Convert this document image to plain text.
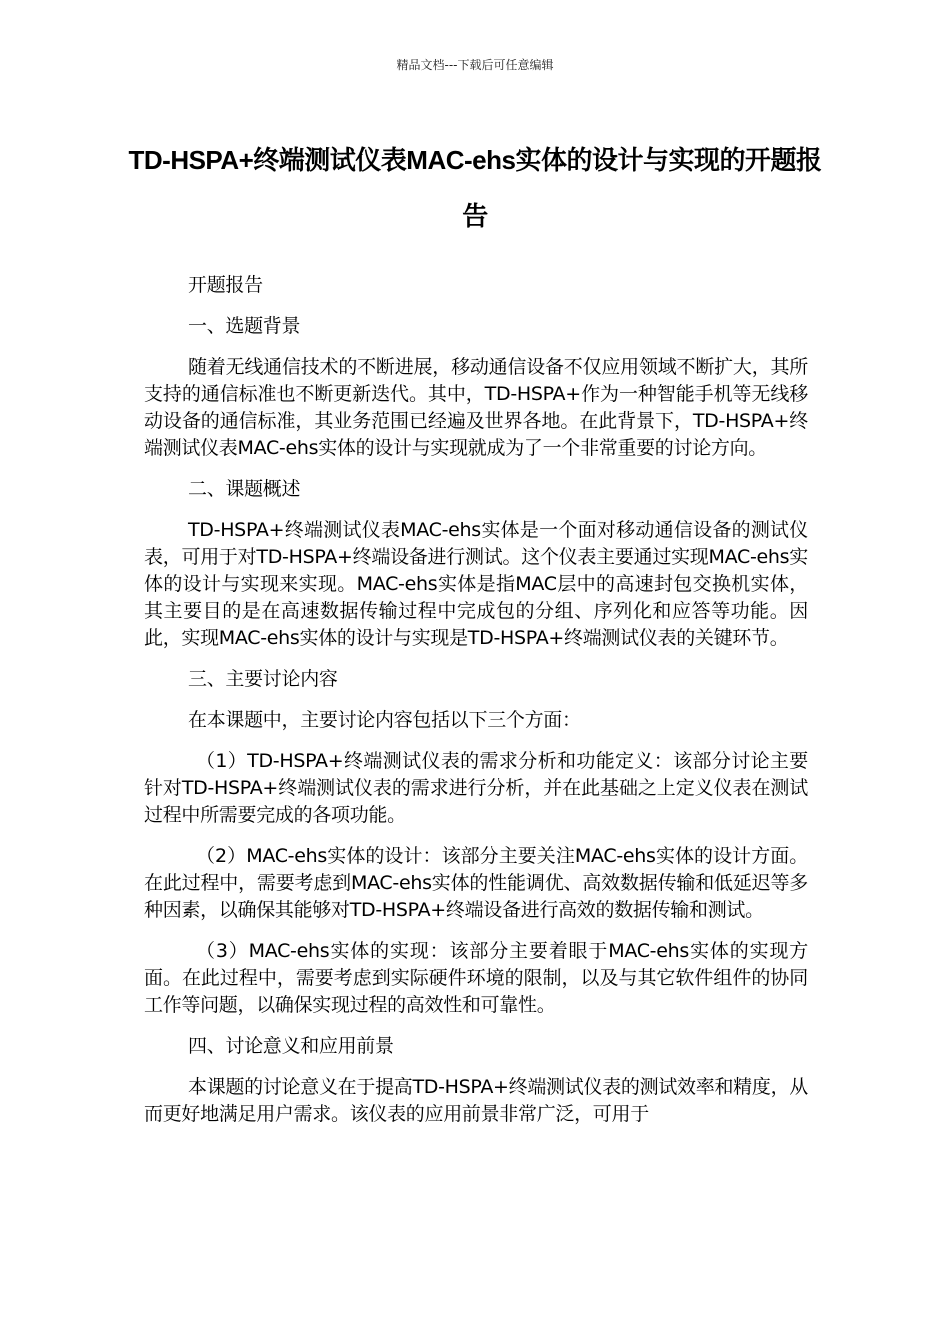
精品文档---下载后可任意编辑
TD-HSPA+终端测试仪表MAC-ehs实体的设计与实现的开题报告

开题报告

一、选题背景

随着无线通信技术的不断进展，移动通信设备不仅应用领域不断扩大，其所支持的通信标准也不断更新迭代。其中，TD-HSPA+作为一种智能手机等无线移动设备的通信标准，其业务范围已经遍及世界各地。在此背景下，TD-HSPA+终端测试仪表MAC-ehs实体的设计与实现就成为了一个非常重要的讨论方向。

二、课题概述

TD-HSPA+终端测试仪表MAC-ehs实体是一个面对移动通信设备的测试仪表，可用于对TD-HSPA+终端设备进行测试。这个仪表主要通过实现MAC-ehs实体的设计与实现来实现。MAC-ehs实体是指MAC层中的高速封包交换机实体，其主要目的是在高速数据传输过程中完成包的分组、序列化和应答等功能。因此，实现MAC-ehs实体的设计与实现是TD-HSPA+终端测试仪表的关键环节。

三、主要讨论内容

在本课题中，主要讨论内容包括以下三个方面：

（1）TD-HSPA+终端测试仪表的需求分析和功能定义：该部分讨论主要针对TD-HSPA+终端测试仪表的需求进行分析，并在此基础之上定义仪表在测试过程中所需要完成的各项功能。

（2）MAC-ehs实体的设计：该部分主要关注MAC-ehs实体的设计方面。在此过程中，需要考虑到MAC-ehs实体的性能调优、高效数据传输和低延迟等多种因素，以确保其能够对TD-HSPA+终端设备进行高效的数据传输和测试。

（3）MAC-ehs实体的实现：该部分主要着眼于MAC-ehs实体的实现方面。在此过程中，需要考虑到实际硬件环境的限制，以及与其它软件组件的协同工作等问题，以确保实现过程的高效性和可靠性。

四、讨论意义和应用前景

本课题的讨论意义在于提高TD-HSPA+终端测试仪表的测试效率和精度，从而更好地满足用户需求。该仪表的应用前景非常广泛，可用于
